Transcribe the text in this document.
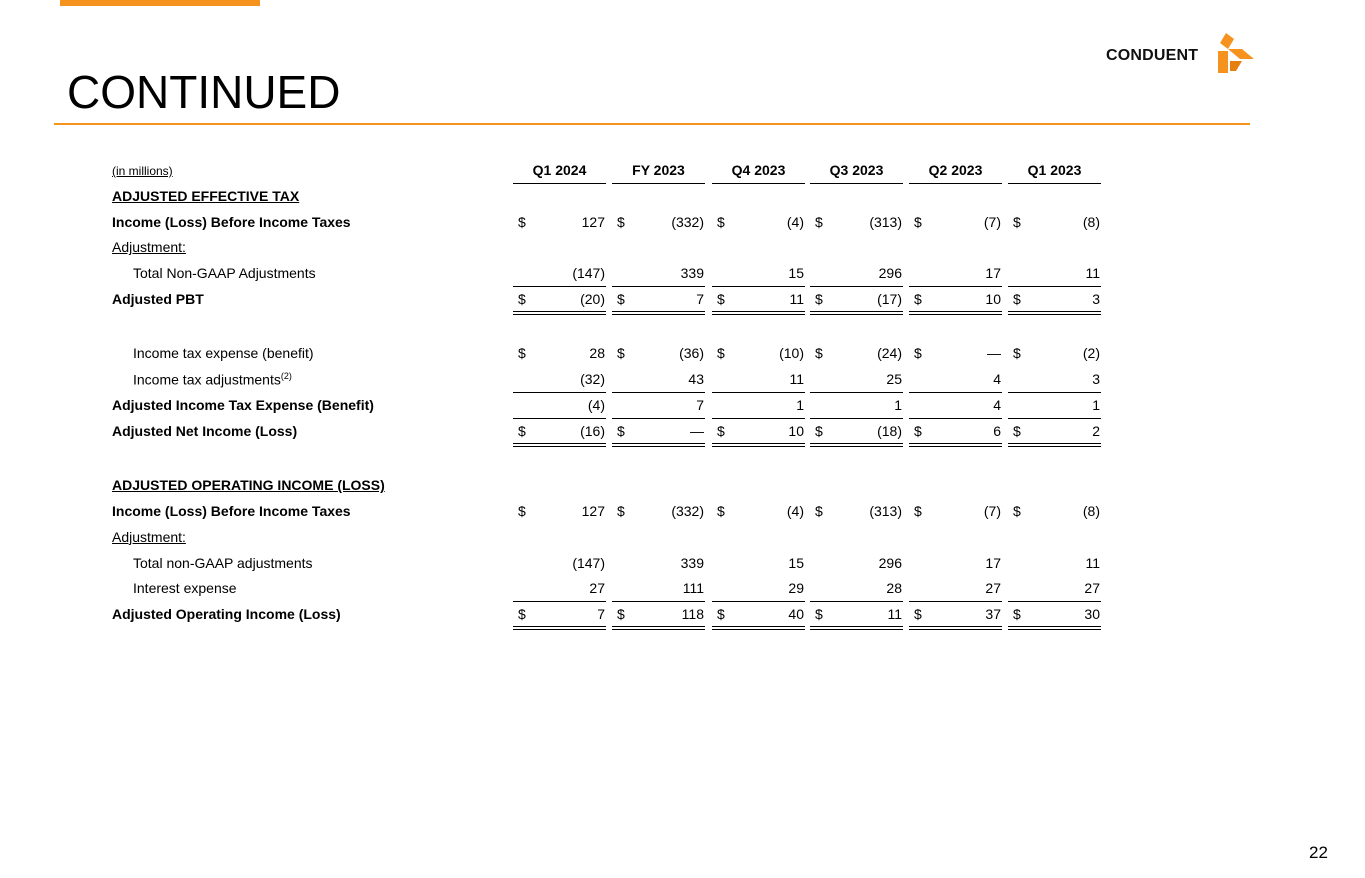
CONDUENT
CONTINUED
(in millions)	Q1 2024	FY 2023	Q4 2023	Q3 2023	Q2 2023	Q1 2023
ADJUSTED EFFECTIVE TAX
Income (Loss) Before Income Taxes	$	127 $	(332) $	(4) $	(313) $	(7) $	(8)
Adjustment:
Total Non-GAAP Adjustments	(147)	339	15	296	17	11
Adjusted PBT	$	(20) $	7 $	11 $	(17) $	10 $	3
Income tax expense (benefit)	$	28 $	(36) $	(10) $	(24) $	— $	(2)
Income tax adjustments$^{(2)}$	(32)	43	11	25	4	3
Adjusted Income Tax Expense (Benefit)	(4)	7	1	1	4	1
Adjusted Net Income (Loss)	$	(16) $	— $	10 $	(18) $	6 $	2
ADJUSTED OPERATING INCOME (LOSS)
Income (Loss) Before Income Taxes	$	127 $	(332) $	(4) $	(313) $	(7) $	(8)
Adjustment:
Total non-GAAP adjustments	(147)	339	15	296	17	11
Interest expense	27	111	29	28	27	27
Adjusted Operating Income (Loss)	$	7 $	118 $	40 $	11 $	37 $	30
22
